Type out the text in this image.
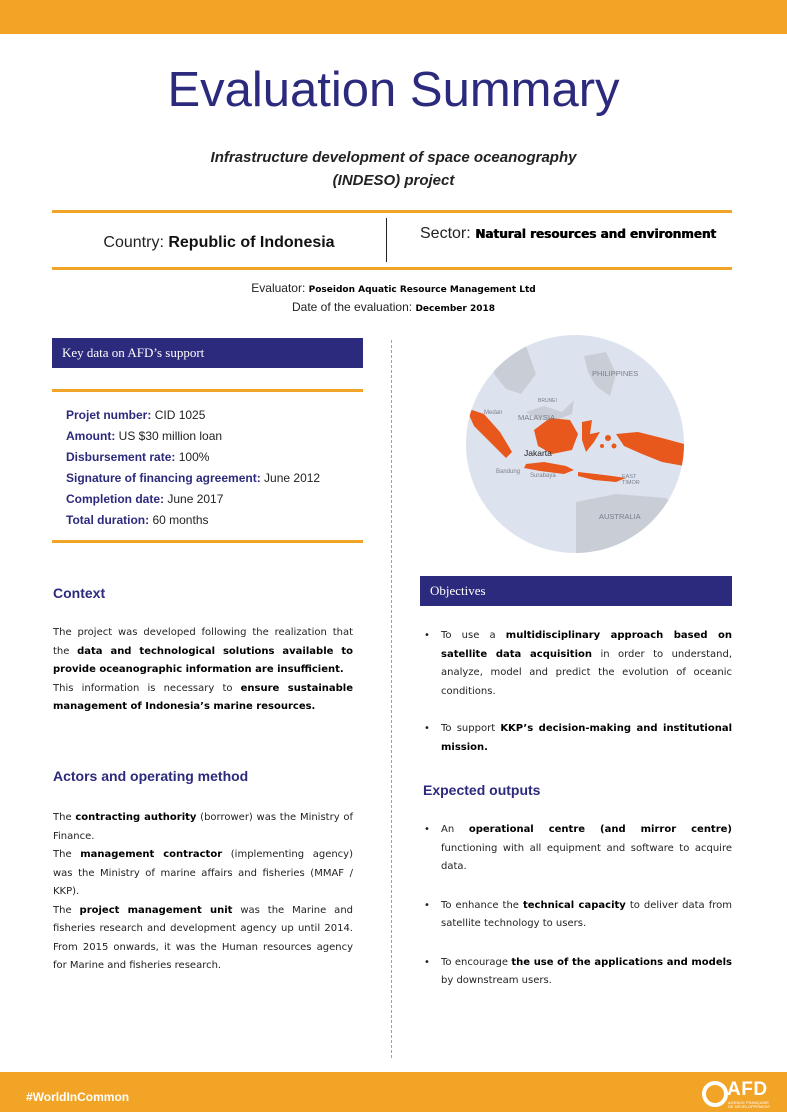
Evaluation Summary
Infrastructure development of space oceanography
(INDESO) project
Country: Republic of Indonesia
Sector: Natural resources and environment
Evaluator: Poseidon Aquatic Resource Management Ltd
Date of the evaluation: December 2018
Key data on AFD’s support
Projet number: CID 1025
Amount: US $30 million loan
Disbursement rate: 100%
Signature of financing agreement: June 2012
Completion date: June 2017
Total duration: 60 months
PHILIPPINES
BRUNEI
MALAYSIA
Medan
Jakarta
Bandung
Surabaya	EAST
TIMOR
AUSTRALIA
Context
The project was developed following the realization that the data and technological solutions available to provide oceanographic information are insufficient.
This information is necessary to ensure sustainable management of Indonesia’s marine resources.
Actors and operating method
The contracting authority (borrower) was the Ministry of Finance.
The management contractor (implementing agency) was the Ministry of marine affairs and fisheries (MMAF / KKP).
The project management unit was the Marine and fisheries research and development agency up until 2014. From 2015 onwards, it was the Human resources agency for Marine and fisheries research.
Objectives
• To use a multidisciplinary approach based on satellite data acquisition in order to understand, analyze, model and predict the evolution of oceanic conditions.
• To support KKP’s decision-making and institutional mission.
Expected outputs
• An operational centre (and mirror centre) functioning with all equipment and software to acquire data.
• To enhance the technical capacity to deliver data from satellite technology to users.
• To encourage the use of the applications and models by downstream users.
#WorldInCommon	AFD
AGENCE FRANÇAISE
DE DÉVELOPPEMENT
